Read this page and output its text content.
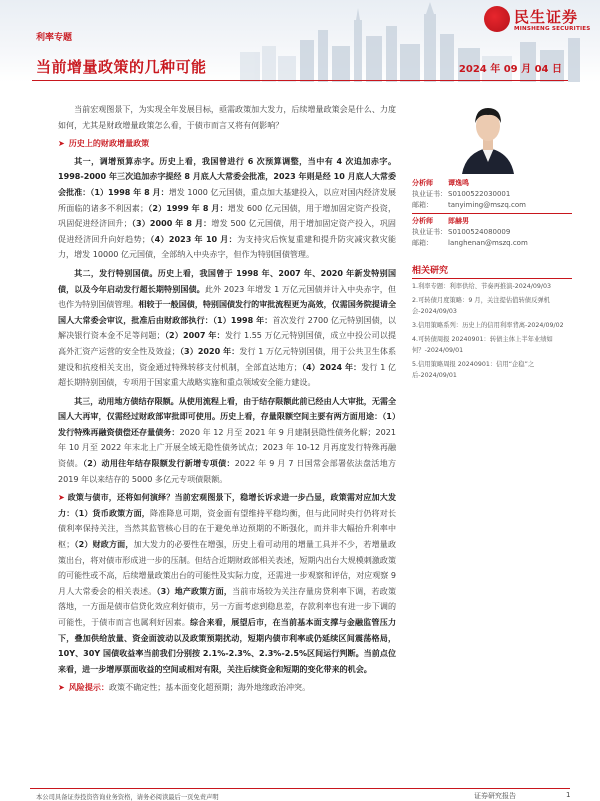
民生证券
MINSHENG SECURITIES
利率专题
当前增量政策的几种可能	2024 年 09 月 04 日

当前宏观图景下，为实现全年发展目标，亟需政策加大发力，后续增量政策会是什么、力度如何，尤其是财政增量政策怎么看，于债市而言又将有何影响？

➤ 历史上的财政增量政策

其一，调增预算赤字。历史上看，我国曾进行 6 次预算调整，当中有 4 次追加赤字。1998-2000 年三次追加赤字提经 8 月底人大常委会批准，2023 年则是经 10 月底人大常委会批准：（1）1998 年 8 月：增发 1000 亿元国债，重点加大基建投入，以应对国内经济发展所面临的诸多不利因素；（2）1999 年 8 月：增发 600 亿元国债，用于增加固定资产投资，巩固促进经济回升；（3）2000 年 8 月：增发 500 亿元国债，用于增加固定资产投入，巩固促进经济回升向好趋势；（4）2023 年 10 月：为支持灾后恢复重建和提升防灾减灾救灾能力，增发 10000 亿元国债，全部纳入中央赤字，但作为特别国债管理。

其二，发行特别国债。历史上看，我国曾于 1998 年、2007 年、2020 年新发特别国债，以及今年启动发行超长期特别国债。此外 2023 年增发 1 万亿元国债并计入中央赤字，但也作为特别国债管理。相较于一般国债，特别国债发行的审批流程更为高效，仅需国务院提请全国人大常委会审议，批准后由财政部执行：（1）1998 年：首次发行 2700 亿元特别国债，以解决银行资本金不足等问题；（2）2007 年：发行 1.55 万亿元特别国债，成立中投公司以提高外汇资产运营的安全性及效益；（3）2020 年：发行 1 万亿元特别国债，用于公共卫生体系建设和抗疫相关支出，资金通过特殊转移支付机制，全部直达地方；（4）2024 年：发行 1 亿超长期特别国债，专项用于国家重大战略实施和重点领域安全能力建设。

其三，动用地方债结存限额。从使用流程上看，由于结存限额此前已经由人大审批，无需全国人大再审，仅需经过财政部审批即可使用。历史上看，存量限额空间主要有两方面用途：（1）发行特殊再融资债偿还存量债务：2020 年 12 月至 2021 年 9 月建制县隐性债务化解；2021 年 10 月至 2022 年末北上广开展全域无隐性债务试点；2023 年 10-12 月再度发行特殊再融资债。（2）动用往年结存限额发行新增专项债：2022 年 9 月 7 日国常会部署依法盘活地方 2019 年以来结存的 5000 多亿元专项债限额。

➤ 政策与债市，还将如何演绎？当前宏观图景下，稳增长诉求进一步凸显，政策需对应加大发力：（1）货币政策方面，降准降息可期，资金面有望维持平稳均衡，但与此同时央行仍将对长债利率保持关注，当然其监管核心目的在于避免单边预期的不断强化，而并非大幅抬升利率中枢；（2）财政方面，加大发力的必要性在增强，历史上看可动用的增量工具并不少，若增量政策出台，将对债市形成进一步的压制。但结合近期财政部相关表述，短期内出台大规模刺激政策的可能性或不高，后续增量政策出台的可能性及实际力度，还需进一步观察和评估，对应观察 9 月人大常委会的相关表述。（3）地产政策方面，当前市场较为关注存量房贷利率下调，若政策落地，一方面是债市信贷化效应利好债市，另一方面考虑到稳息差，存款利率也有进一步下调的可能性，于债市而言也属利好因素。综合来看，展望后市，在当前基本面支撑与金融监管压力下，叠加供给放量、资金面波动以及政策预期扰动，短期内债市利率或仍延续区间震荡格局，10Y、30Y 国债收益率当前我们分别按 2.1%-2.3%、2.3%-2.5%区间运行判断。当前点位来看，进一步增厚票面收益的空间或相对有限，关注后续资金和短期的变化带来的机会。

➤ 风险提示：政策不确定性；基本面变化超预期；海外地缘政治冲突。
分析师	谭逸鸣
执业证书： S0100522030001
邮箱：	tanyiming@mszq.com
分析师	郎赫男
执业证书： S0100524080009
邮箱：	langhenan@mszq.com
相关研究
1.利率专题：利率供给、节奏再推演-2024/09/03
2.可转债月度策略：9 月，关注提估值转债反弹机会-2024/09/03
3.信用策略系列：历史上的信用利率背离-2024/09/02
4.可转债周报 20240901：转债主体上半年业绩如何？-2024/09/01
5.信用策略周报 20240901：信用“企稳”之后-2024/09/01
本公司具备证券投资咨询业务资格，请务必阅读最后一页免责声明	证券研究报告	1
